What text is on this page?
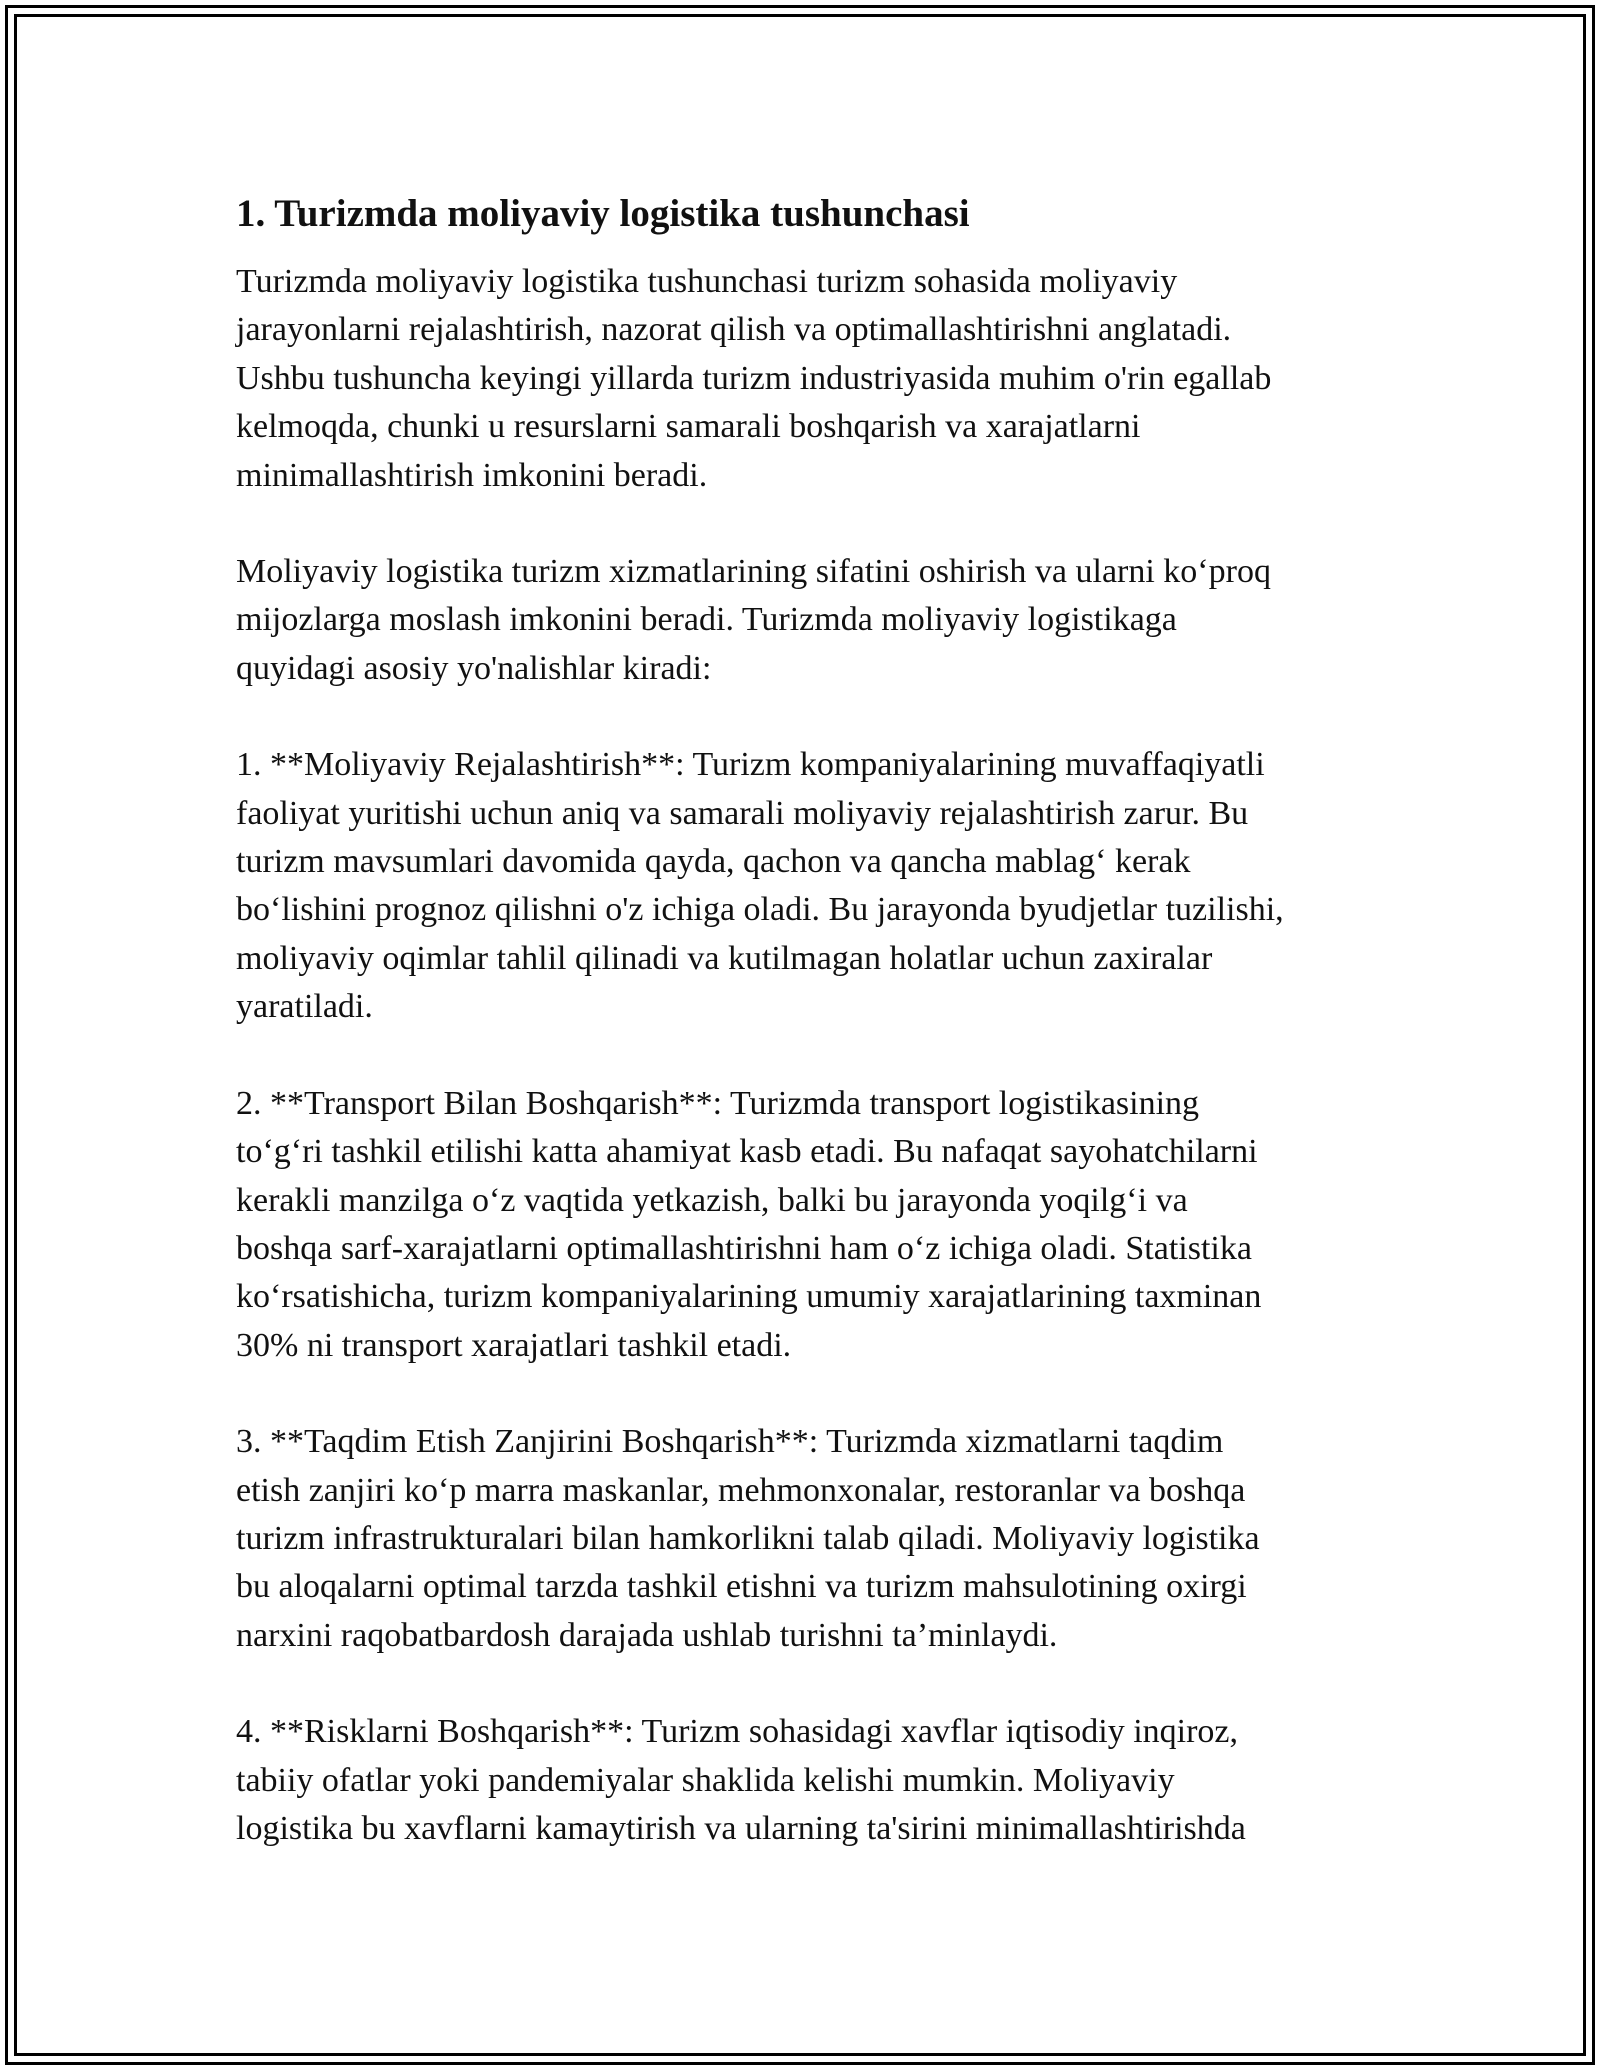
1. Turizmda moliyaviy logistika tushunchasi
Turizmda moliyaviy logistika tushunchasi turizm sohasida moliyaviy
jarayonlarni rejalashtirish, nazorat qilish va optimallashtirishni anglatadi.
Ushbu tushuncha keyingi yillarda turizm industriyasida muhim o'rin egallab
kelmoqda, chunki u resurslarni samarali boshqarish va xarajatlarni
minimallashtirish imkonini beradi.
Moliyaviy logistika turizm xizmatlarining sifatini oshirish va ularni ko‘proq
mijozlarga moslash imkonini beradi. Turizmda moliyaviy logistikaga
quyidagi asosiy yo'nalishlar kiradi:
1. **Moliyaviy Rejalashtirish**: Turizm kompaniyalarining muvaffaqiyatli
faoliyat yuritishi uchun aniq va samarali moliyaviy rejalashtirish zarur. Bu
turizm mavsumlari davomida qayda, qachon va qancha mablag‘ kerak
bo‘lishini prognoz qilishni o'z ichiga oladi. Bu jarayonda byudjetlar tuzilishi,
moliyaviy oqimlar tahlil qilinadi va kutilmagan holatlar uchun zaxiralar
yaratiladi.
2. **Transport Bilan Boshqarish**: Turizmda transport logistikasining
to‘g‘ri tashkil etilishi katta ahamiyat kasb etadi. Bu nafaqat sayohatchilarni
kerakli manzilga o‘z vaqtida yetkazish, balki bu jarayonda yoqilg‘i va
boshqa sarf-xarajatlarni optimallashtirishni ham o‘z ichiga oladi. Statistika
ko‘rsatishicha, turizm kompaniyalarining umumiy xarajatlarining taxminan
30% ni transport xarajatlari tashkil etadi.
3. **Taqdim Etish Zanjirini Boshqarish**: Turizmda xizmatlarni taqdim
etish zanjiri ko‘p marra maskanlar, mehmonxonalar, restoranlar va boshqa
turizm infrastrukturalari bilan hamkorlikni talab qiladi. Moliyaviy logistika
bu aloqalarni optimal tarzda tashkil etishni va turizm mahsulotining oxirgi
narxini raqobatbardosh darajada ushlab turishni ta’minlaydi.
4. **Risklarni Boshqarish**: Turizm sohasidagi xavflar iqtisodiy inqiroz,
tabiiy ofatlar yoki pandemiyalar shaklida kelishi mumkin. Moliyaviy
logistika bu xavflarni kamaytirish va ularning ta'sirini minimallashtirishda
